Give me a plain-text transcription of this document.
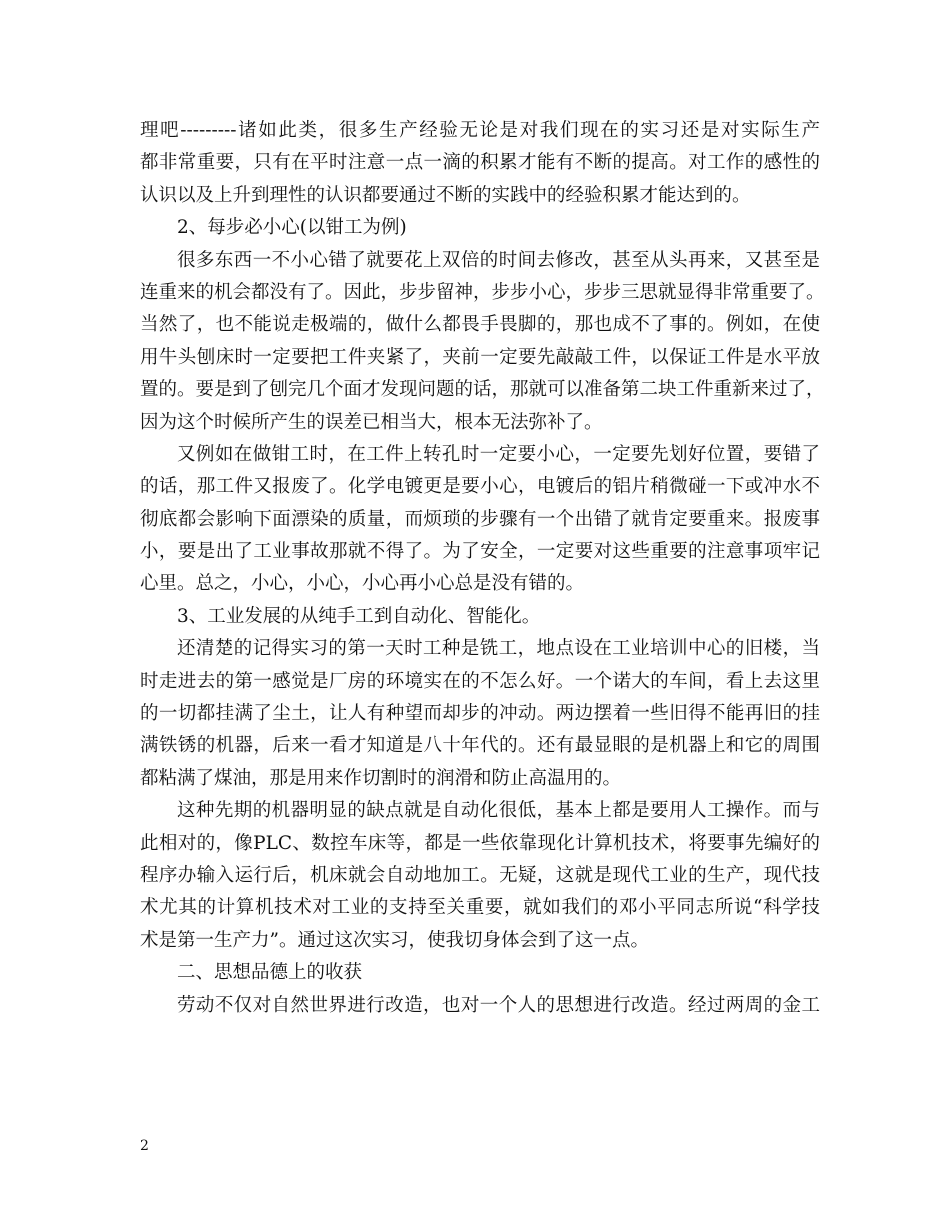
理吧---------诸如此类，很多生产经验无论是对我们现在的实习还是对实际生产
都非常重要，只有在平时注意一点一滴的积累才能有不断的提高。对工作的感性的
认识以及上升到理性的认识都要通过不断的实践中的经验积累才能达到的。
2、每步必小心(以钳工为例)
很多东西一不小心错了就要花上双倍的时间去修改，甚至从头再来，又甚至是
连重来的机会都没有了。因此，步步留神，步步小心，步步三思就显得非常重要了。
当然了，也不能说走极端的，做什么都畏手畏脚的，那也成不了事的。例如，在使
用牛头刨床时一定要把工件夹紧了，夹前一定要先敲敲工件，以保证工件是水平放
置的。要是到了刨完几个面才发现问题的话，那就可以准备第二块工件重新来过了，
因为这个时候所产生的误差已相当大，根本无法弥补了。
又例如在做钳工时，在工件上转孔时一定要小心，一定要先划好位置，要错了
的话，那工件又报废了。化学电镀更是要小心，电镀后的铝片稍微碰一下或冲水不
彻底都会影响下面漂染的质量，而烦琐的步骤有一个出错了就肯定要重来。报废事
小，要是出了工业事故那就不得了。为了安全，一定要对这些重要的注意事项牢记
心里。总之，小心，小心，小心再小心总是没有错的。
3、工业发展的从纯手工到自动化、智能化。
还清楚的记得实习的第一天时工种是铣工，地点设在工业培训中心的旧楼，当
时走进去的第一感觉是厂房的环境实在的不怎么好。一个诺大的车间，看上去这里
的一切都挂满了尘土，让人有种望而却步的冲动。两边摆着一些旧得不能再旧的挂
满铁锈的机器，后来一看才知道是八十年代的。还有最显眼的是机器上和它的周围
都粘满了煤油，那是用来作切割时的润滑和防止高温用的。
这种先期的机器明显的缺点就是自动化很低，基本上都是要用人工操作。而与
此相对的，像PLC、数控车床等，都是一些依靠现化计算机技术，将要事先编好的
程序办输入运行后，机床就会自动地加工。无疑，这就是现代工业的生产，现代技
术尤其的计算机技术对工业的支持至关重要，就如我们的邓小平同志所说“科学技
术是第一生产力”。通过这次实习，使我切身体会到了这一点。
二、思想品德上的收获
劳动不仅对自然世界进行改造，也对一个人的思想进行改造。经过两周的金工
2
